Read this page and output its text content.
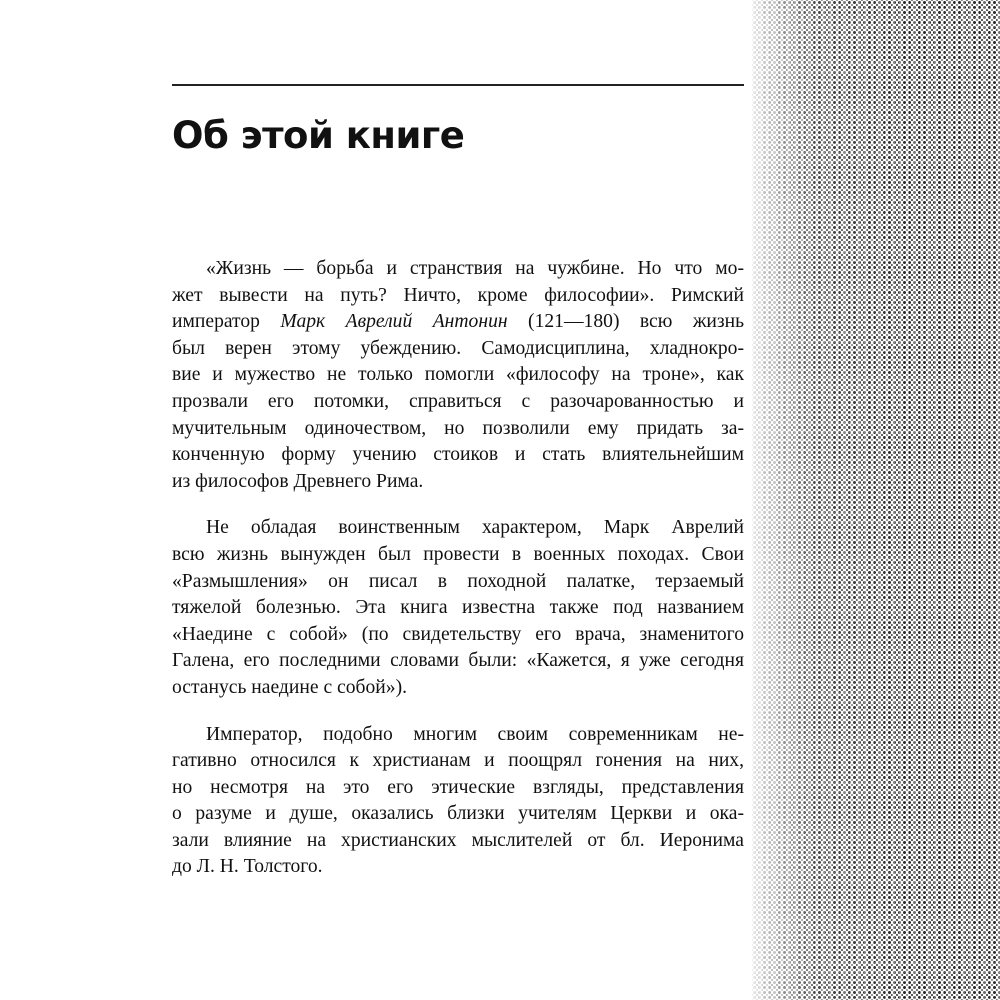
Об этой книге

«Жизнь — борьба и странствия на чужбине. Но что мо-
жет вывести на путь? Ничто, кроме философии». Римский
император Марк Аврелий Антонин (121—180) всю жизнь
был верен этому убеждению. Самодисциплина, хладнокро-
вие и мужество не только помогли «философу на троне», как
прозвали его потомки, справиться с разочарованностью и
мучительным одиночеством, но позволили ему придать за-
конченную форму учению стоиков и стать влиятельнейшим
из философов Древнего Рима.

Не обладая воинственным характером, Марк Аврелий
всю жизнь вынужден был провести в военных походах. Свои
«Размышления» он писал в походной палатке, терзаемый
тяжелой болезнью. Эта книга известна также под названием
«Наедине с собой» (по свидетельству его врача, знаменитого
Галена, его последними словами были: «Кажется, я уже сегодня
останусь наедине с собой»).

Император, подобно многим своим современникам не-
гативно относился к христианам и поощрял гонения на них,
но несмотря на это его этические взгляды, представления
о разуме и душе, оказались близки учителям Церкви и ока-
зали влияние на христианских мыслителей от бл. Иеронима
до Л. Н. Толстого.
